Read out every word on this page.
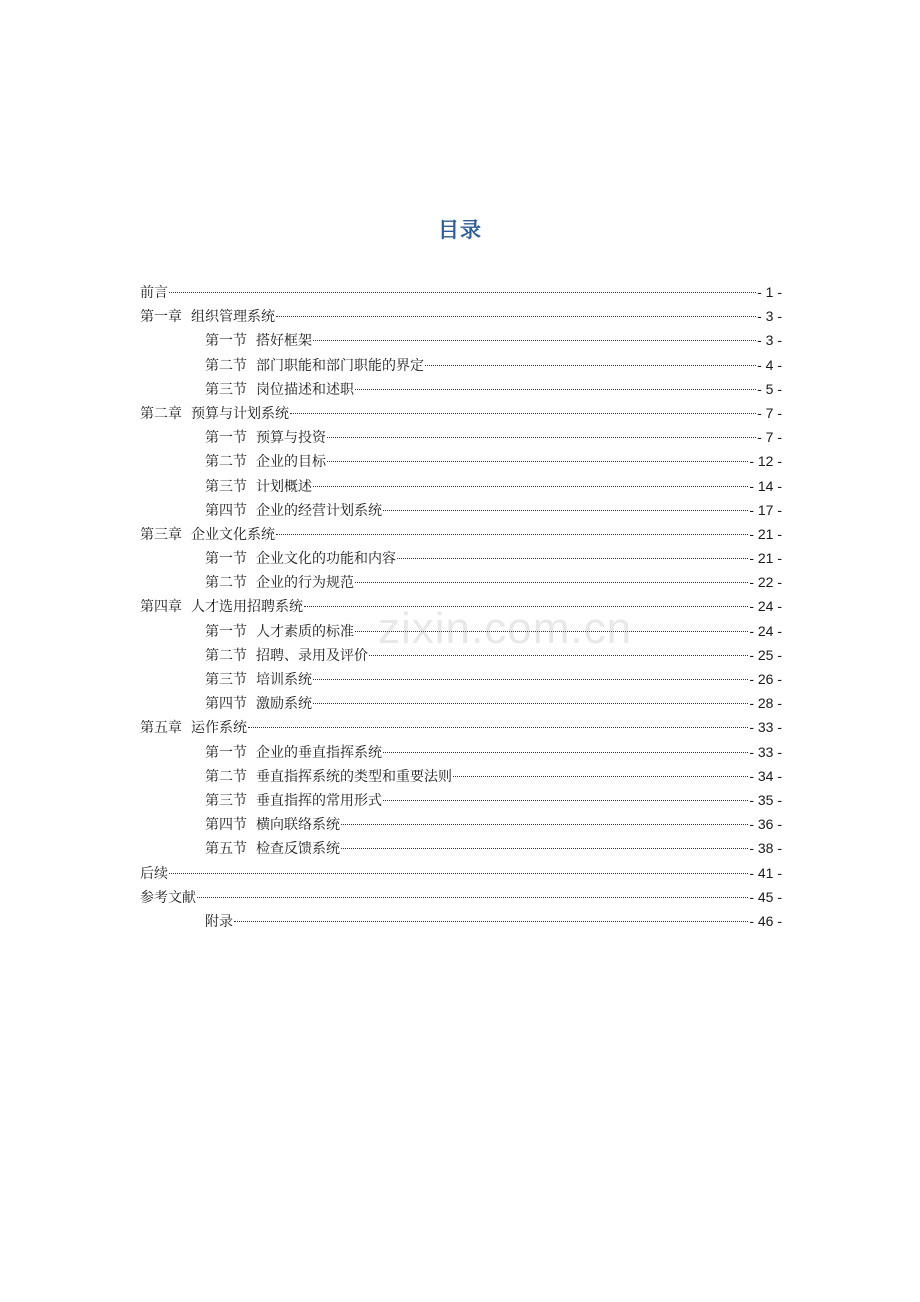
目录
前言	- 1 -
第一章 组织管理系统	- 3 -
第一节 搭好框架	- 3 -
第二节 部门职能和部门职能的界定	- 4 -
第三节 岗位描述和述职	- 5 -
第二章 预算与计划系统	- 7 -
第一节 预算与投资	- 7 -
第二节 企业的目标	- 12 -
第三节 计划概述	- 14 -
第四节 企业的经营计划系统	- 17 -
第三章 企业文化系统	- 21 -
第一节 企业文化的功能和内容	- 21 -
第二节 企业的行为规范	- 22 -
第四章 人才选用招聘系统	- 24 -
第一节 人才素质的标准	- 24 -
第二节 招聘、录用及评价	- 25 -
第三节 培训系统	- 26 -
第四节 激励系统	- 28 -
第五章 运作系统	- 33 -
第一节 企业的垂直指挥系统	- 33 -
第二节 垂直指挥系统的类型和重要法则	- 34 -
第三节 垂直指挥的常用形式	- 35 -
第四节 横向联络系统	- 36 -
第五节 检查反馈系统	- 38 -
后续	- 41 -
参考文献	- 45 -
附录	- 46 -
zixin.com.cn
